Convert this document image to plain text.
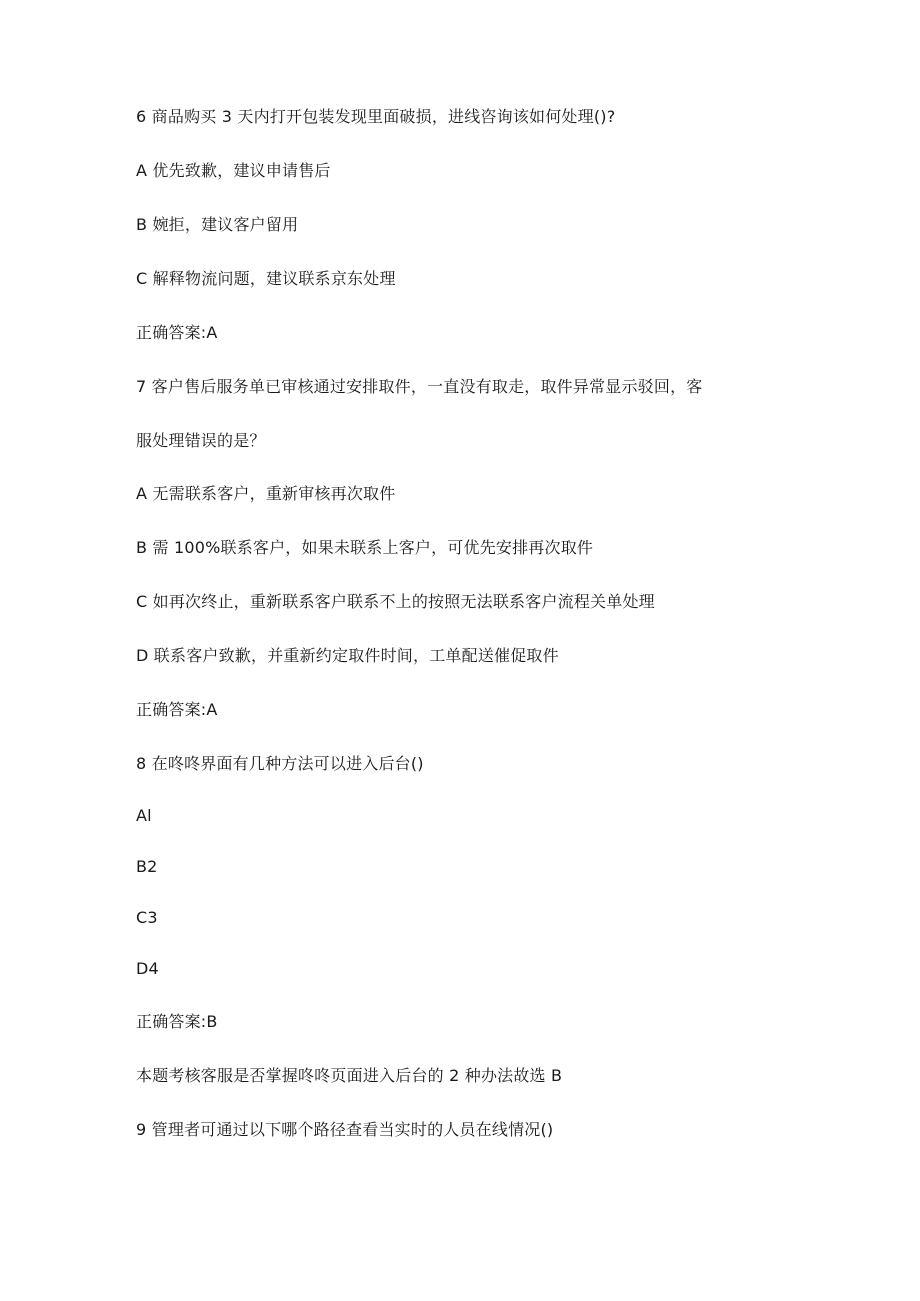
6 商品购买 3 天内打开包装发现里面破损，进线咨询该如何处理()?
A 优先致歉，建议申请售后
B 婉拒，建议客户留用
C 解释物流问题，建议联系京东处理
正确答案:A
7 客户售后服务单已审核通过安排取件，一直没有取走，取件异常显示驳回，客
服处理错误的是？
A 无需联系客户，重新审核再次取件
B 需 100%联系客户，如果未联系上客户，可优先安排再次取件
C 如再次终止，重新联系客户联系不上的按照无法联系客户流程关单处理
D 联系客户致歉，并重新约定取件时间，工单配送催促取件
正确答案:A
8 在咚咚界面有几种方法可以进入后台()
Al
B2
C3
D4
正确答案:B
本题考核客服是否掌握咚咚页面进入后台的 2 种办法故选 B
9 管理者可通过以下哪个路径查看当实时的人员在线情况()
